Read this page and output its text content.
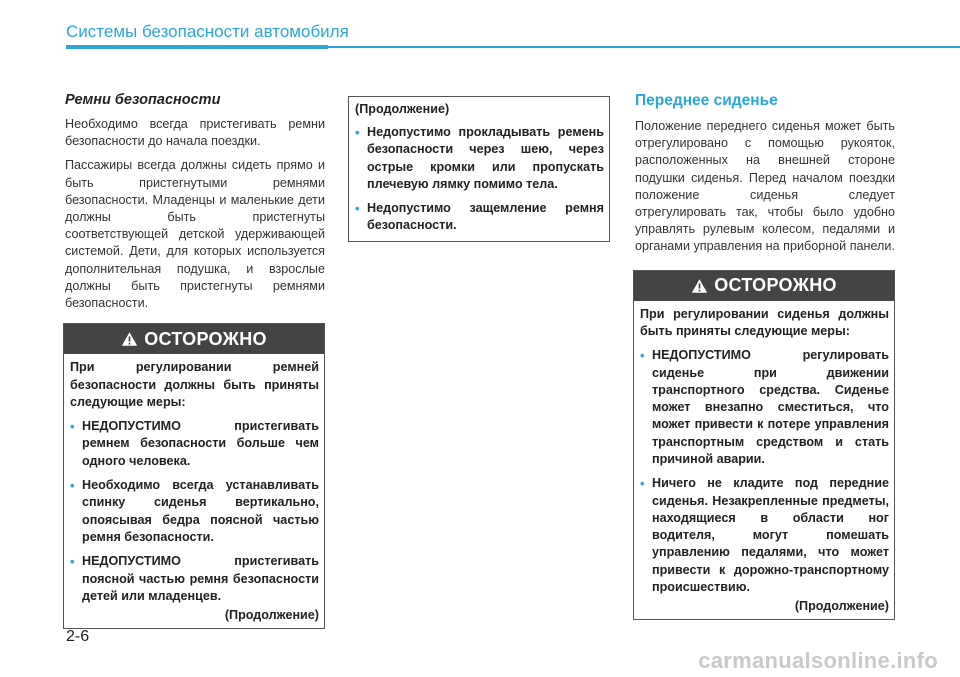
Системы безопасности автомобиля
Ремни безопасности
Необходимо всегда пристегивать ремни безопасности до начала поездки.
Пассажиры всегда должны сидеть прямо и быть пристегнутыми ремнями безопасности. Младенцы и маленькие дети должны быть пристегнуты соответствующей детской удерживающей системой. Дети, для которых используется дополнительная подушка, и взрослые должны быть пристегнуты ремнями безопасности.
ОСТОРОЖНО
При регулировании ремней безопасности должны быть приняты следующие меры:
• НЕДОПУСТИМО пристегивать ремнем безопасности больше чем одного человека.
• Необходимо всегда устанавливать спинку сиденья вертикально, опоясывая бедра поясной частью ремня безопасности.
• НЕДОПУСТИМО пристегивать поясной частью ремня безопасности детей или младенцев.
(Продолжение)
(Продолжение)
• Недопустимо прокладывать ремень безопасности через шею, через острые кромки или пропускать плечевую лямку помимо тела.
• Недопустимо защемление ремня безопасности.
Переднее сиденье
Положение переднего сиденья может быть отрегулировано с помощью рукояток, расположенных на внешней стороне подушки сиденья. Перед началом поездки положение сиденья следует отрегулировать так, чтобы было удобно управлять рулевым колесом, педалями и органами управления на приборной панели.
ОСТОРОЖНО
При регулировании сиденья должны быть приняты следующие меры:
• НЕДОПУСТИМО регулировать сиденье при движении транспортного средства. Сиденье может внезапно сместиться, что может привести к потере управления транспортным средством и стать причиной аварии.
• Ничего не кладите под передние сиденья. Незакрепленные предметы, находящиеся в области ног водителя, могут помешать управлению педалями, что может привести к дорожно-транспортному происшествию.
(Продолжение)
2-6
carmanualsonline.info
